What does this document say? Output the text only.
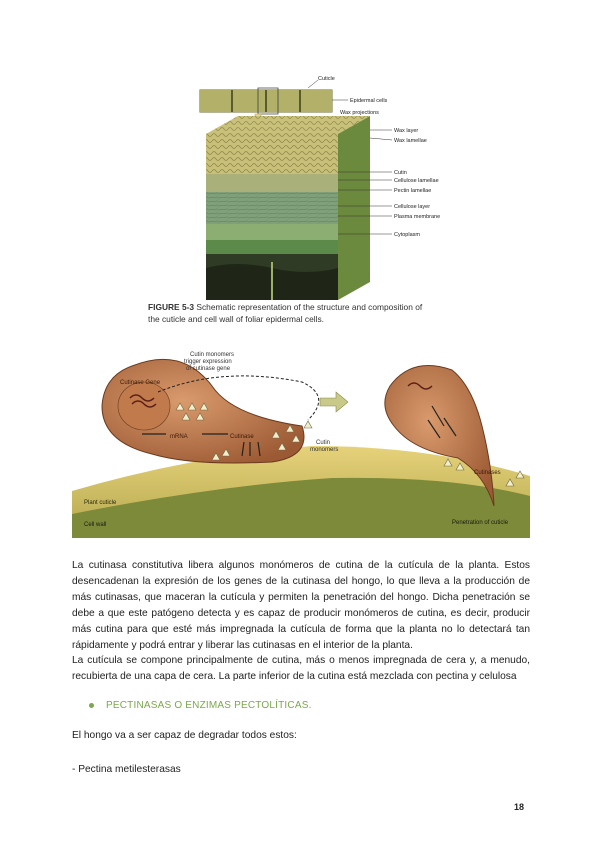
Cuticle
Epidermal cells
Wax projections
Wax layer
Wax lamellae
Cutin
Cellulose lamellae
Pectin lamellae
Cellulose layer
Plasma membrane
Cytoplasm
FIGURE 5-3 Schematic representation of the structure and composition of
the cuticle and cell wall of foliar epidermal cells.
Cutin monomers trigger expression of cutinase gene
Cutinase Gene
mRNA	Cutinase
Cutin monomers
Cutinases
Plant cuticle
Cell wall	Penetration of cuticle

La cutinasa constitutiva libera algunos monómeros de cutina de la cutícula de la planta. Estos desencadenan la expresión de los genes de la cutinasa del hongo, lo que lleva a la producción de más cutinasas, que maceran la cutícula y permiten la penetración del hongo. Dicha penetración se debe a que este patógeno detecta y es capaz de producir monómeros de cutina, es decir, producir más cutina para que esté más impregnada la cutícula de forma que la planta no lo detectará tan rápidamente y podrá entrar y liberar las cutinasas en el interior de la planta.

La cutícula se compone principalmente de cutina, más o menos impregnada de cera y, a menudo, recubierta de una capa de cera. La parte inferior de la cutina está mezclada con pectina y celulosa

PECTINASAS O ENZIMAS PECTOLÍTICAS.
El hongo va a ser capaz de degradar todos estos:
- Pectina metilesterasas
18
